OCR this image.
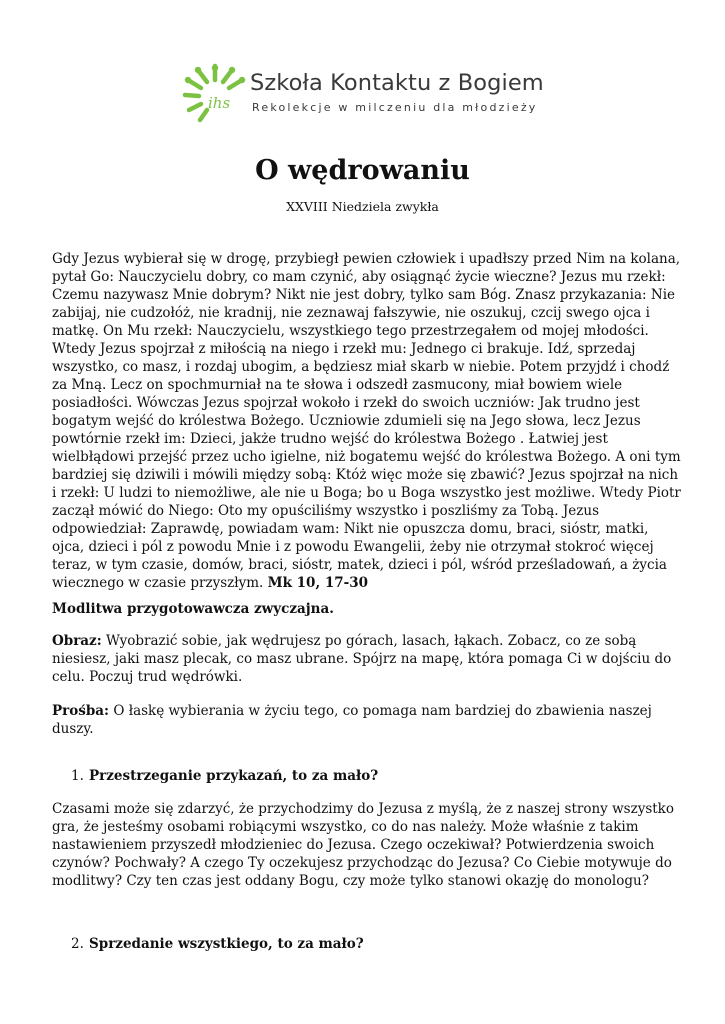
ihs
Szkoła Kontaktu z Bogiem
Rekolekcje w milczeniu dla młodzieży
O wędrowaniu

XXVIII Niedziela zwykła

Gdy Jezus wybierał się w drogę, przybiegł pewien człowiek i upadłszy przed Nim na kolana, pytał Go: Nauczycielu dobry, co mam czynić, aby osiągnąć życie wieczne? Jezus mu rzekł: Czemu nazywasz Mnie dobrym? Nikt nie jest dobry, tylko sam Bóg. Znasz przykazania: Nie zabijaj, nie cudzołóż, nie kradnij, nie zeznawaj fałszywie, nie oszukuj, czcij swego ojca i matkę. On Mu rzekł: Nauczycielu, wszystkiego tego przestrzegałem od mojej młodości. Wtedy Jezus spojrzał z miłością na niego i rzekł mu: Jednego ci brakuje. Idź, sprzedaj wszystko, co masz, i rozdaj ubogim, a będziesz miał skarb w niebie. Potem przyjdź i chodź za Mną. Lecz on spochmurniał na te słowa i odszedł zasmucony, miał bowiem wiele posiadłości. Wówczas Jezus spojrzał wokoło i rzekł do swoich uczniów: Jak trudno jest bogatym wejść do królestwa Bożego. Uczniowie zdumieli się na Jego słowa, lecz Jezus powtórnie rzekł im: Dzieci, jakże trudno wejść do królestwa Bożego . Łatwiej jest wielbłądowi przejść przez ucho igielne, niż bogatemu wejść do królestwa Bożego. A oni tym bardziej się dziwili i mówili między sobą: Któż więc może się zbawić? Jezus spojrzał na nich i rzekł: U ludzi to niemożliwe, ale nie u Boga; bo u Boga wszystko jest możliwe. Wtedy Piotr zaczął mówić do Niego: Oto my opuściliśmy wszystko i poszliśmy za Tobą. Jezus odpowiedział: Zaprawdę, powiadam wam: Nikt nie opuszcza domu, braci, sióstr, matki, ojca, dzieci i pól z powodu Mnie i z powodu Ewangelii, żeby nie otrzymał stokroć więcej teraz, w tym czasie, domów, braci, sióstr, matek, dzieci i pól, wśród prześladowań, a życia wiecznego w czasie przyszłym. Mk 10, 17-30

Modlitwa przygotowawcza zwyczajna.

Obraz: Wyobrazić sobie, jak wędrujesz po górach, lasach, łąkach. Zobacz, co ze sobą niesiesz, jaki masz plecak, co masz ubrane. Spójrz na mapę, która pomaga Ci w dojściu do celu. Poczuj trud wędrówki.

Prośba: O łaskę wybierania w życiu tego, co pomaga nam bardziej do zbawienia naszej duszy.

1. Przestrzeganie przykazań, to za mało?

Czasami może się zdarzyć, że przychodzimy do Jezusa z myślą, że z naszej strony wszystko gra, że jesteśmy osobami robiącymi wszystko, co do nas należy. Może właśnie z takim nastawieniem przyszedł młodzieniec do Jezusa. Czego oczekiwał? Potwierdzenia swoich czynów? Pochwały? A czego Ty oczekujesz przychodząc do Jezusa? Co Ciebie motywuje do modlitwy? Czy ten czas jest oddany Bogu, czy może tylko stanowi okazję do monologu?

2. Sprzedanie wszystkiego, to za mało?
